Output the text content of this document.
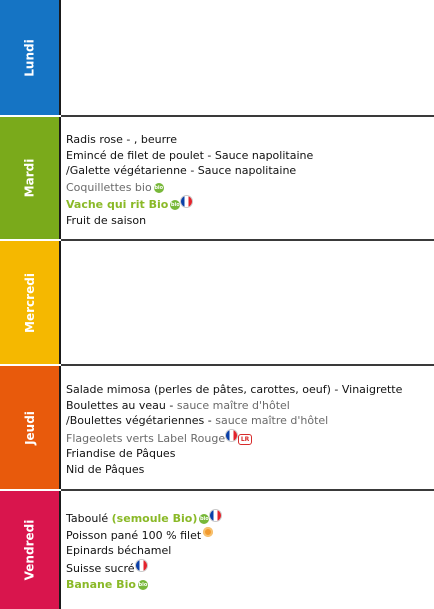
Lundi
Mardi
Radis rose - , beurre
Emincé de filet de poulet - Sauce napolitaine
/Galette végétarienne - Sauce napolitaine
Coquillettes bio bio
Vache qui rit Bio bio
Fruit de saison
Mercredi
Jeudi
Salade mimosa (perles de pâtes, carottes, oeuf) - Vinaigrette
Boulettes au veau - sauce maître d'hôtel
/Boulettes végétariennes - sauce maître d'hôtel
Flageolets verts Label Rouge	LR
Friandise de Pâques
Nid de Pâques
Vendredi
Taboulé (semoule Bio) bio
Poisson pané 100 % filet
Epinards béchamel
Suisse sucré
Banane Bio bio
